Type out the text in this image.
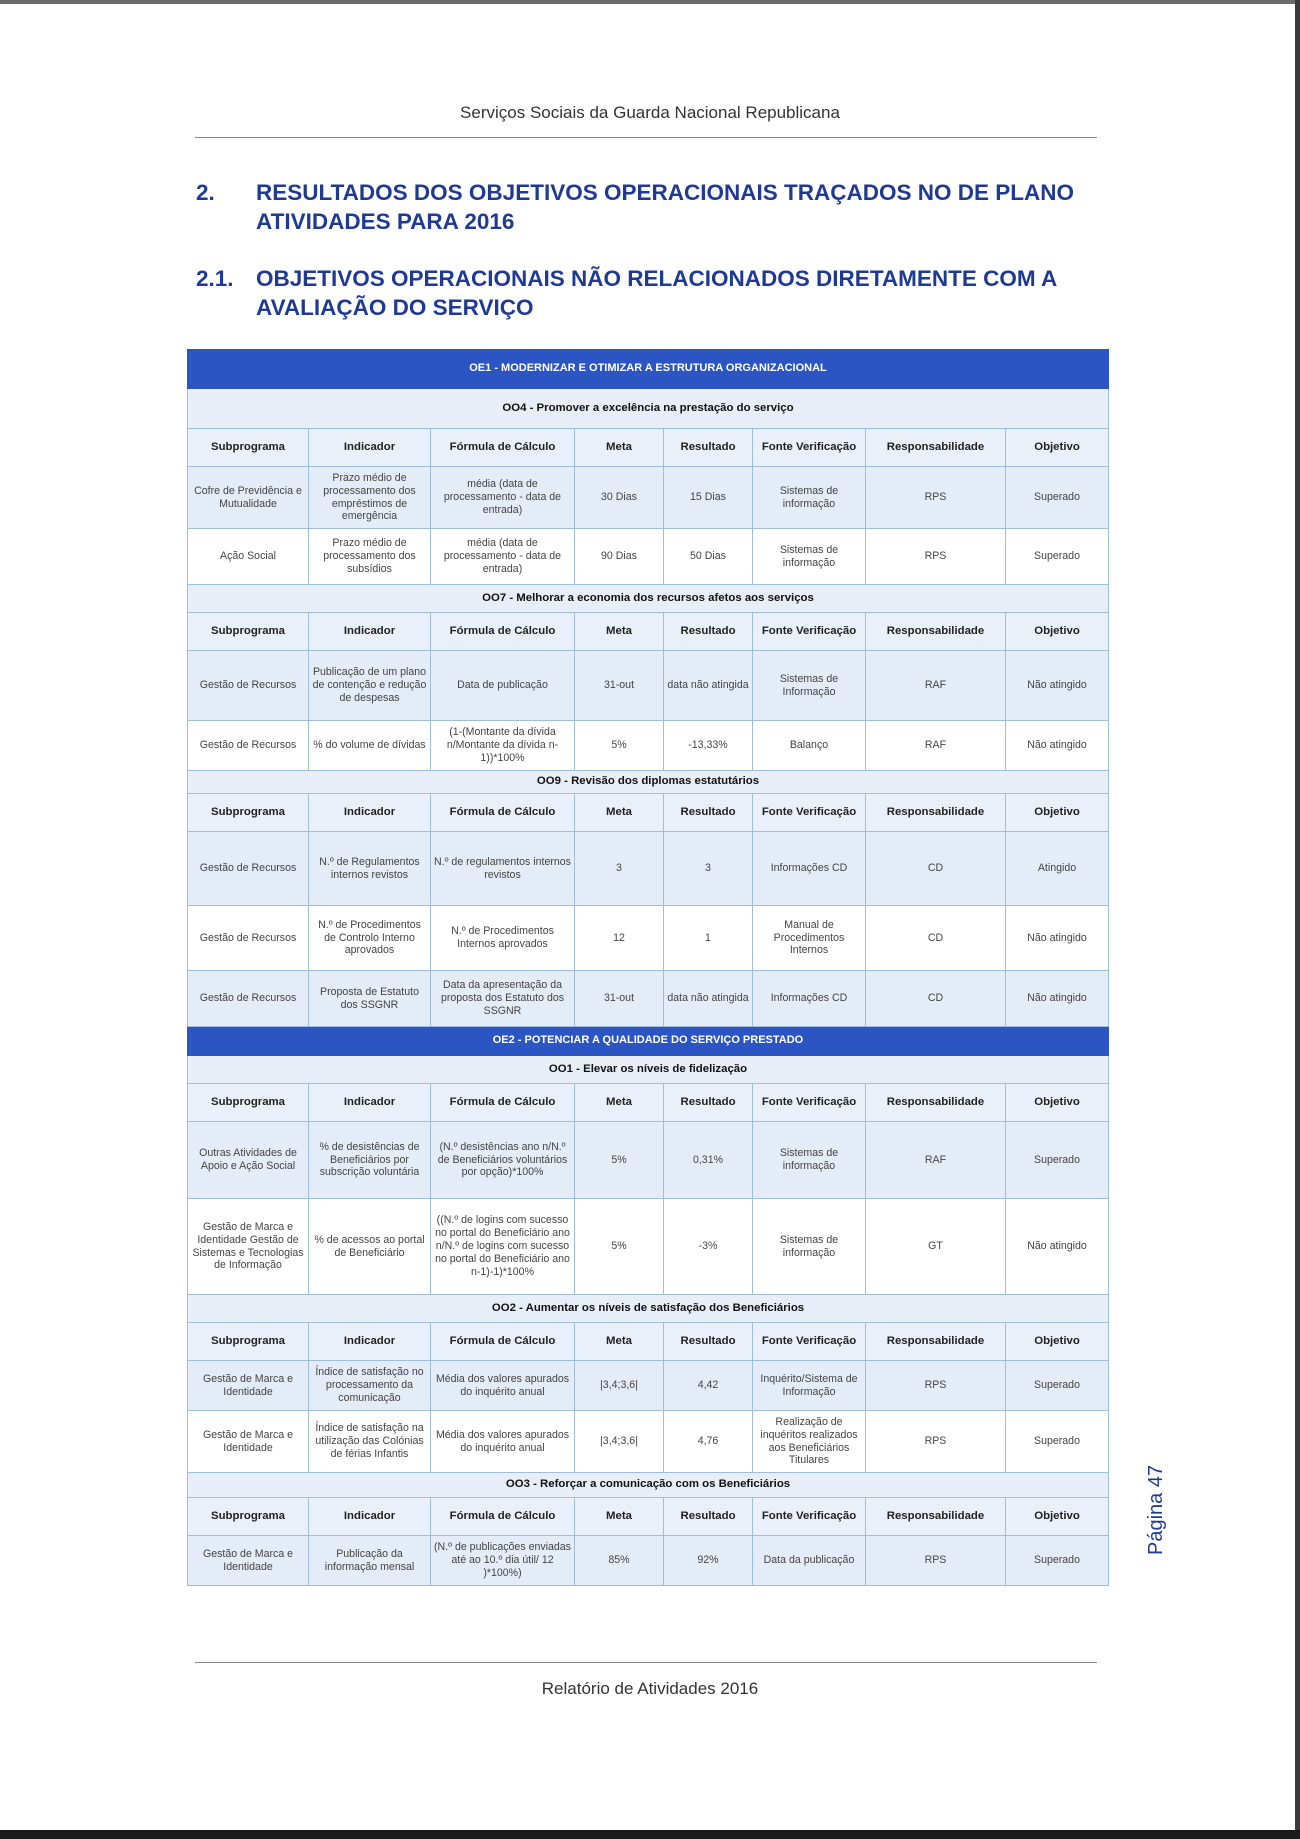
Serviços Sociais da Guarda Nacional Republicana
2. RESULTADOS DOS OBJETIVOS OPERACIONAIS TRAÇADOS NO DE PLANO
ATIVIDADES PARA 2016
2.1. OBJETIVOS OPERACIONAIS NÃO RELACIONADOS DIRETAMENTE COM A
AVALIAÇÃO DO SERVIÇO
OE1 - MODERNIZAR E OTIMIZAR A ESTRUTURA ORGANIZACIONAL							
OO4 - Promover a excelência na prestação do serviço							
Subprograma	Indicador	Fórmula de Cálculo	Meta	Resultado	Fonte Verificação	Responsabilidade	Objetivo
Cofre de Previdência e Mutualidade	Prazo médio de processamento dos empréstimos de emergência	média (data de processamento - data de entrada)	30 Dias	15 Dias	Sistemas de informação	RPS	Superado
Ação Social	Prazo médio de processamento dos subsídios	média (data de processamento - data de entrada)	90 Dias	50 Dias	Sistemas de informação	RPS	Superado
OO7 - Melhorar a economia dos recursos afetos aos serviços							
Subprograma	Indicador	Fórmula de Cálculo	Meta	Resultado	Fonte Verificação	Responsabilidade	Objetivo
Gestão de Recursos	Publicação de um plano de contenção e redução de despesas	Data de publicação	31-out	data não atingida	Sistemas de Informação	RAF	Não atingido
Gestão de Recursos	% do volume de dívidas	(1-(Montante da dívida n/Montante da dívida n-1))*100%	5%	-13,33%	Balanço	RAF	Não atingido
OO9 - Revisão dos diplomas estatutários							
Subprograma	Indicador	Fórmula de Cálculo	Meta	Resultado	Fonte Verificação	Responsabilidade	Objetivo
Gestão de Recursos	N.º de Regulamentos internos revistos	N.º de regulamentos internos revistos	3	3	Informações CD	CD	Atingido
Gestão de Recursos	N.º de Procedimentos de Controlo Interno aprovados	N.º de Procedimentos Internos aprovados	12	1	Manual de Procedimentos Internos	CD	Não atingido
Gestão de Recursos	Proposta de Estatuto dos SSGNR	Data da apresentação da proposta dos Estatuto dos SSGNR	31-out	data não atingida	Informações CD	CD	Não atingido
OE2 - POTENCIAR A QUALIDADE DO SERVIÇO PRESTADO							
OO1 - Elevar os níveis de fidelização							
Subprograma	Indicador	Fórmula de Cálculo	Meta	Resultado	Fonte Verificação	Responsabilidade	Objetivo
Outras Atividades de Apoio e Ação Social	% de desistências de Beneficiários por subscrição voluntária	(N.º desistências ano n/N.º de Beneficiários voluntários por opção)*100%	5%	0,31%	Sistemas de informação	RAF	Superado
Gestão de Marca e Identidade Gestão de Sistemas e Tecnologias de Informação	% de acessos ao portal de Beneficiário	((N.º de logins com sucesso no portal do Beneficiário ano n/N.º de logins com sucesso no portal do Beneficiário ano n-1)-1)*100%	5%	-3%	Sistemas de informação	GT	Não atingido
OO2 - Aumentar os níveis de satisfação dos Beneficiários							
Subprograma	Indicador	Fórmula de Cálculo	Meta	Resultado	Fonte Verificação	Responsabilidade	Objetivo
Gestão de Marca e Identidade	Índice de satisfação no processamento da comunicação	Média dos valores apurados do inquérito anual	|3,4;3,6|	4,42	Inquérito/Sistema de Informação	RPS	Superado
Gestão de Marca e Identidade	Índice de satisfação na utilização das Colónias de férias Infantis	Média dos valores apurados do inquérito anual	|3,4;3,6|	4,76	Realização de inquéritos realizados aos Beneficiários Titulares	RPS	Superado
OO3 - Reforçar a comunicação com os Beneficiários							
Subprograma	Indicador	Fórmula de Cálculo	Meta	Resultado	Fonte Verificação	Responsabilidade	Objetivo
Gestão de Marca e Identidade	Publicação da informação mensal	(N.º de publicações enviadas até ao 10.º dia útil/ 12 )*100%)	85%	92%	Data da publicação	RPS	Superado
Relatório de Atividades 2016
Página 47
